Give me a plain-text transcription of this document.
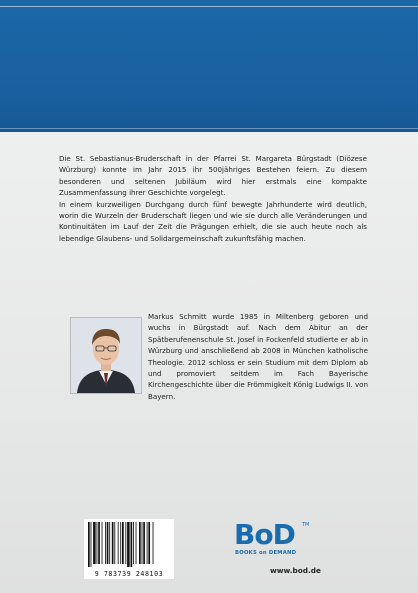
Die St. Sebastianus-Bruderschaft in der Pfarrei St. Margareta Bürgstadt (Diözese Würzburg) konnte im Jahr 2015 ihr 500jähriges Bestehen feiern. Zu diesem besonderen und seltenen Jubiläum wird hier erstmals eine kompakte Zusammenfassung ihrer Geschichte vorgelegt.

In einem kurzweiligen Durchgang durch fünf bewegte Jahrhunderte wird deutlich, worin die Wurzeln der Bruderschaft liegen und wie sie durch alle Veränderungen und Kontinuitäten im Lauf der Zeit die Prägungen erhielt, die sie auch heute noch als lebendige Glaubens- und Solidargemeinschaft zukunftsfähig machen.

Markus Schmitt wurde 1985 in Miltenberg geboren und wuchs in Bürgstadt auf. Nach dem Abitur an der Spätberufenenschule St. Josef in Fockenfeld studierte er ab in Würzburg und anschließend ab 2008 in München katholische Theologie. 2012 schloss er sein Studium mit dem Diplom ab und promoviert seitdem im Fach Bayerische Kirchengeschichte über die Frömmigkeit König Ludwigs II. von Bayern.

9 783739 248103
BoD TM
BOOKS on DEMAND
www.bod.de
